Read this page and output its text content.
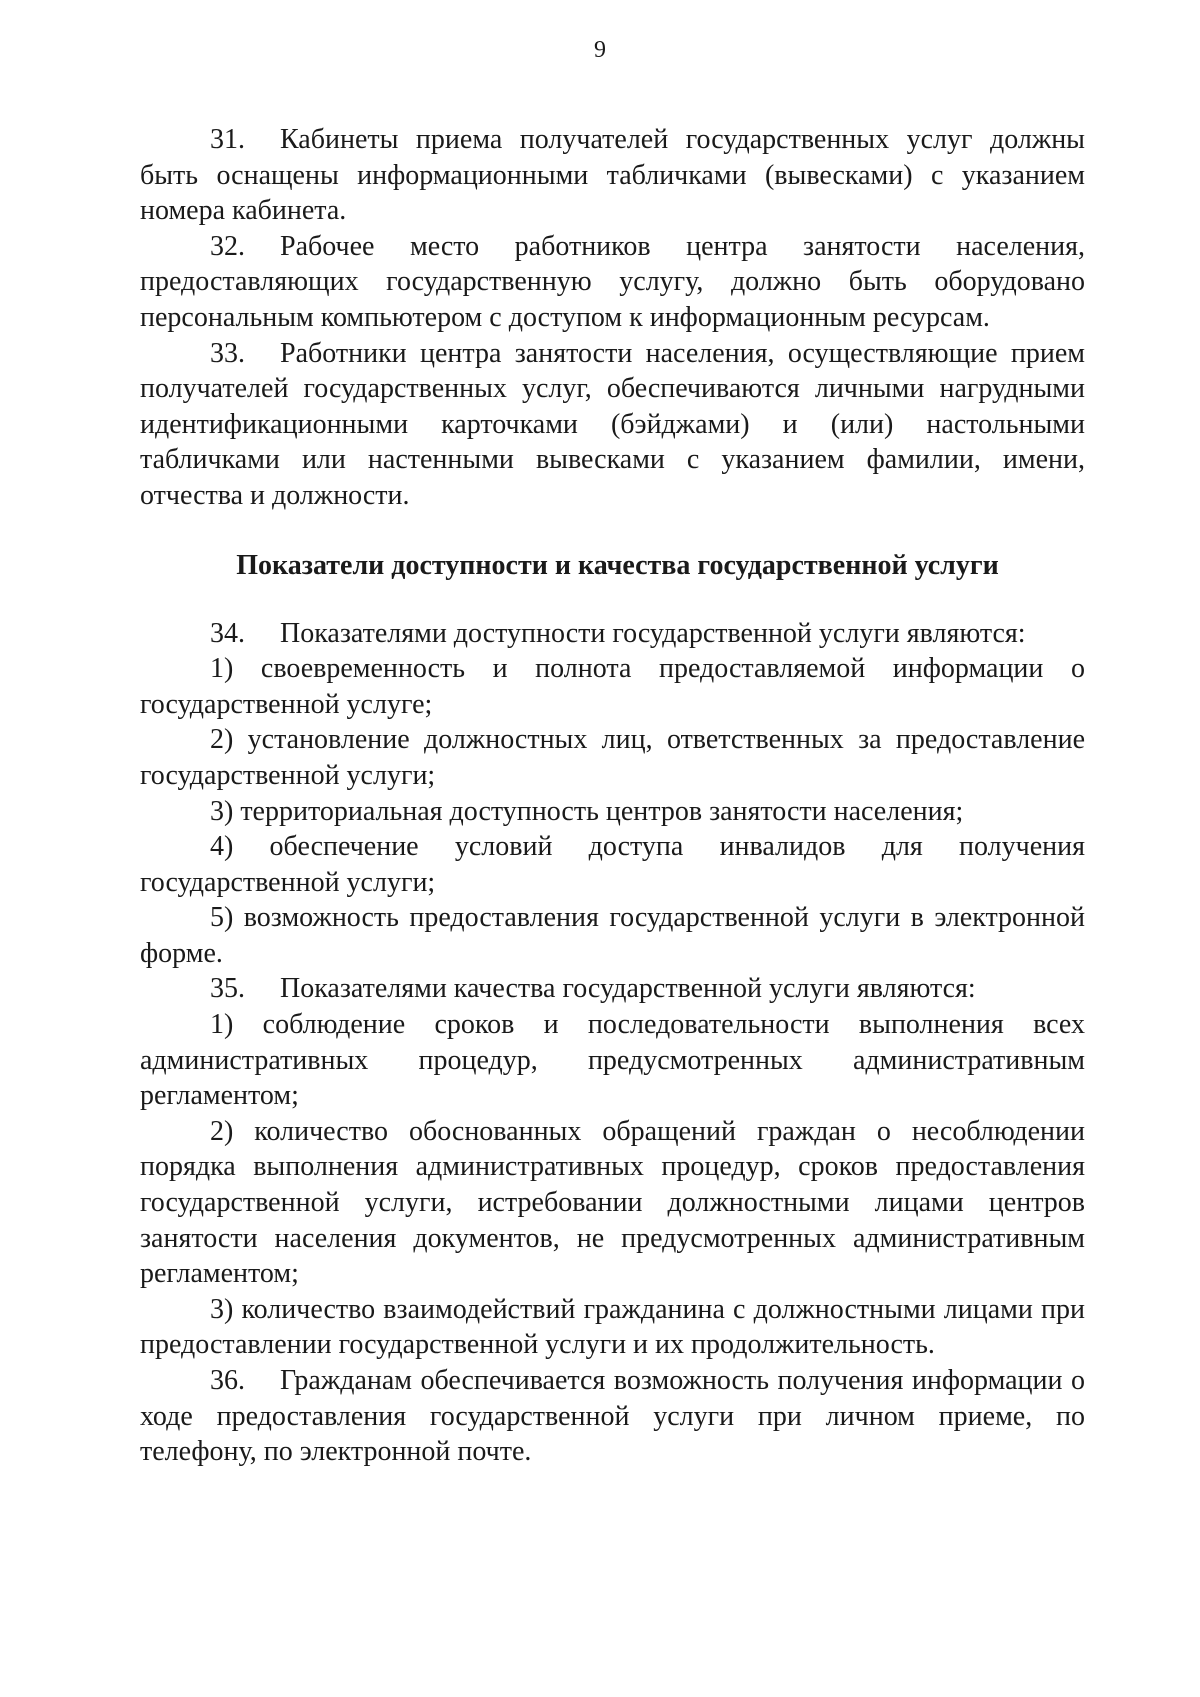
9

31. Кабинеты приема получателей государственных услуг должны быть оснащены информационными табличками (вывесками) с указанием номера кабинета.

32. Рабочее место работников центра занятости населения, предоставляющих государственную услугу, должно быть оборудовано персональным компьютером с доступом к информационным ресурсам.

33. Работники центра занятости населения, осуществляющие прием получателей государственных услуг, обеспечиваются личными нагрудными идентификационными карточками (бэйджами) и (или) настольными табличками или настенными вывесками с указанием фамилии, имени, отчества и должности.

Показатели доступности и качества государственной услуги

34. Показателями доступности государственной услуги являются:

1) своевременность и полнота предоставляемой информации о государственной услуге;

2) установление должностных лиц, ответственных за предоставление государственной услуги;

3) территориальная доступность центров занятости населения;

4) обеспечение условий доступа инвалидов для получения государственной услуги;

5) возможность предоставления государственной услуги в электронной форме.

35. Показателями качества государственной услуги являются:

1) соблюдение сроков и последовательности выполнения всех административных процедур, предусмотренных административным регламентом;

2) количество обоснованных обращений граждан о несоблюдении порядка выполнения административных процедур, сроков предоставления государственной услуги, истребовании должностными лицами центров занятости населения документов, не предусмотренных административным регламентом;

3) количество взаимодействий гражданина с должностными лицами при предоставлении государственной услуги и их продолжительность.

36. Гражданам обеспечивается возможность получения информации о ходе предоставления государственной услуги при личном приеме, по телефону, по электронной почте.
